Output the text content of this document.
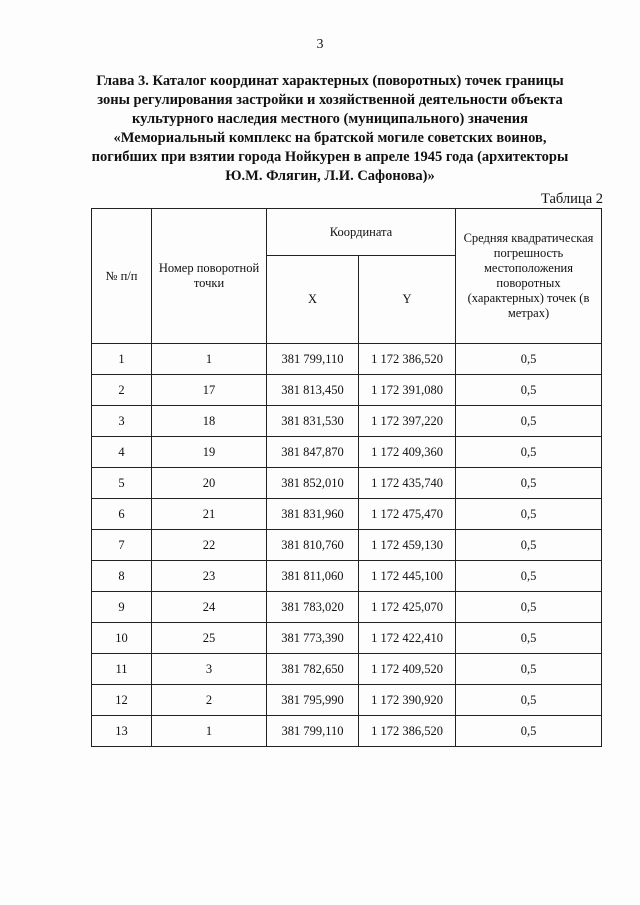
3
Глава 3. Каталог координат характерных (поворотных) точек границы
зоны регулирования застройки и хозяйственной деятельности объекта
культурного наследия местного (муниципального) значения
«Мемориальный комплекс на братской могиле советских воинов,
погибших при взятии города Нойкурен в апреле 1945 года (архитекторы
Ю.М. Флягин, Л.И. Сафонова)»
Таблица 2
№ п/п	Номер поворотной точки	Координата		Средняя квадратическая погрешность местоположения поворотных (характерных) точек (в метрах)
		X	Y	
1	1	381 799,110	1 172 386,520	0,5
2	17	381 813,450	1 172 391,080	0,5
3	18	381 831,530	1 172 397,220	0,5
4	19	381 847,870	1 172 409,360	0,5
5	20	381 852,010	1 172 435,740	0,5
6	21	381 831,960	1 172 475,470	0,5
7	22	381 810,760	1 172 459,130	0,5
8	23	381 811,060	1 172 445,100	0,5
9	24	381 783,020	1 172 425,070	0,5
10	25	381 773,390	1 172 422,410	0,5
11	3	381 782,650	1 172 409,520	0,5
12	2	381 795,990	1 172 390,920	0,5
13	1	381 799,110	1 172 386,520	0,5
